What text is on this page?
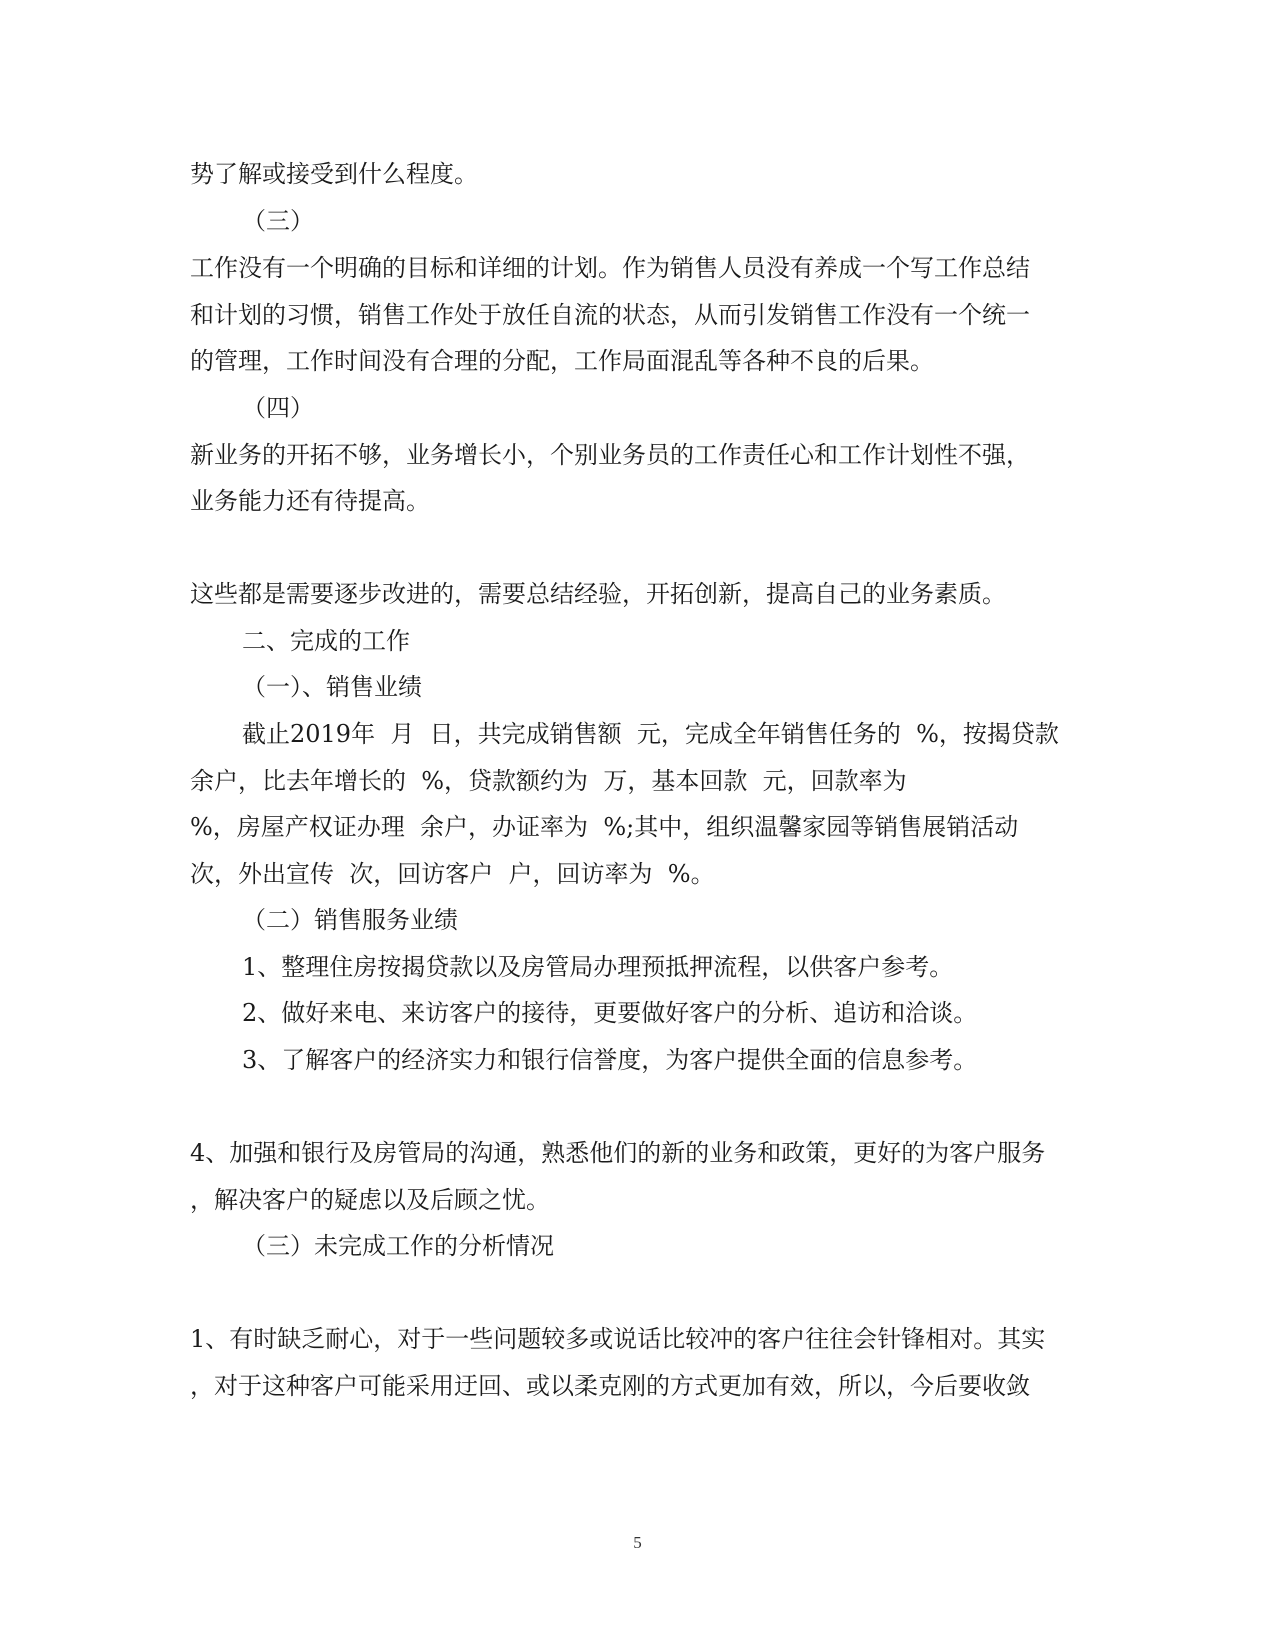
势了解或接受到什么程度。
（三）
工作没有一个明确的目标和详细的计划。作为销售人员没有养成一个写工作总结
和计划的习惯，销售工作处于放任自流的状态，从而引发销售工作没有一个统一
的管理，工作时间没有合理的分配，工作局面混乱等各种不良的后果。
（四）
新业务的开拓不够，业务增长小，个别业务员的工作责任心和工作计划性不强，
业务能力还有待提高。
这些都是需要逐步改进的，需要总结经验，开拓创新，提高自己的业务素质。
二、完成的工作
（一）、销售业绩
截止2019年  月  日，共完成销售额  元，完成全年销售任务的  %，按揭贷款
余户，比去年增长的  %，贷款额约为  万，基本回款  元，回款率为
%，房屋产权证办理  余户，办证率为  %;其中，组织温馨家园等销售展销活动
次，外出宣传  次，回访客户  户，回访率为  %。
（二）销售服务业绩
1、整理住房按揭贷款以及房管局办理预抵押流程，以供客户参考。
2、做好来电、来访客户的接待，更要做好客户的分析、追访和洽谈。
3、了解客户的经济实力和银行信誉度，为客户提供全面的信息参考。
4、加强和银行及房管局的沟通，熟悉他们的新的业务和政策，更好的为客户服务
，解决客户的疑虑以及后顾之忧。
（三）未完成工作的分析情况
1、有时缺乏耐心，对于一些问题较多或说话比较冲的客户往往会针锋相对。其实
，对于这种客户可能采用迂回、或以柔克刚的方式更加有效，所以，今后要收敛
5
